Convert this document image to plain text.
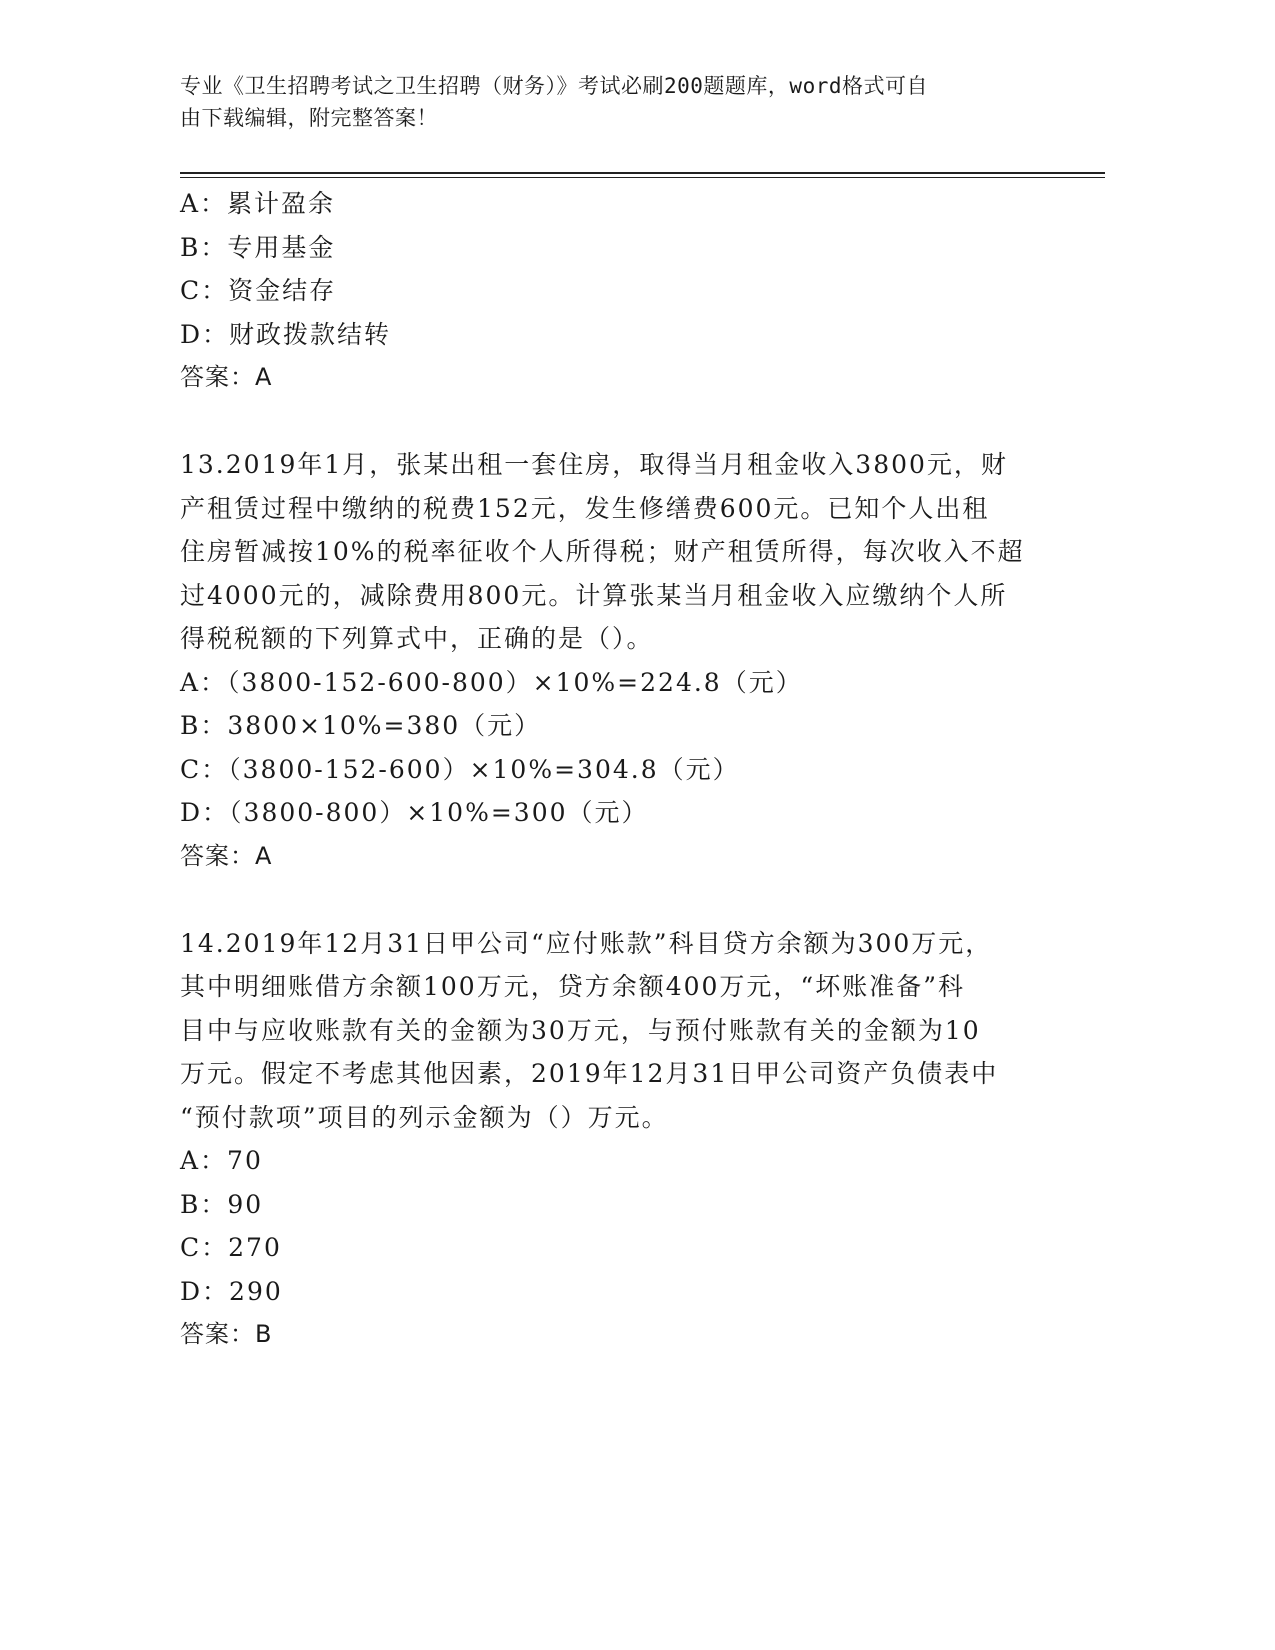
专业《卫生招聘考试之卫生招聘（财务）》考试必刷200题题库，word格式可自
由下载编辑，附完整答案！
A：累计盈余
B：专用基金
C：资金结存
D：财政拨款结转
答案：A
13.2019年1月，张某出租一套住房，取得当月租金收入3800元，财
产租赁过程中缴纳的税费152元，发生修缮费600元。已知个人出租
住房暂减按10%的税率征收个人所得税；财产租赁所得，每次收入不超
过4000元的，减除费用800元。计算张某当月租金收入应缴纳个人所
得税税额的下列算式中，正确的是（）。
A：（3800-152-600-800）×10%=224.8（元）
B：3800×10%=380（元）
C：（3800-152-600）×10%=304.8（元）
D：（3800-800）×10%=300（元）
答案：A
14.2019年12月31日甲公司“应付账款”科目贷方余额为300万元，
其中明细账借方余额100万元，贷方余额400万元，“坏账准备”科
目中与应收账款有关的金额为30万元，与预付账款有关的金额为10
万元。假定不考虑其他因素，2019年12月31日甲公司资产负债表中
“预付款项”项目的列示金额为（）万元。
A：70
B：90
C：270
D：290
答案：B
